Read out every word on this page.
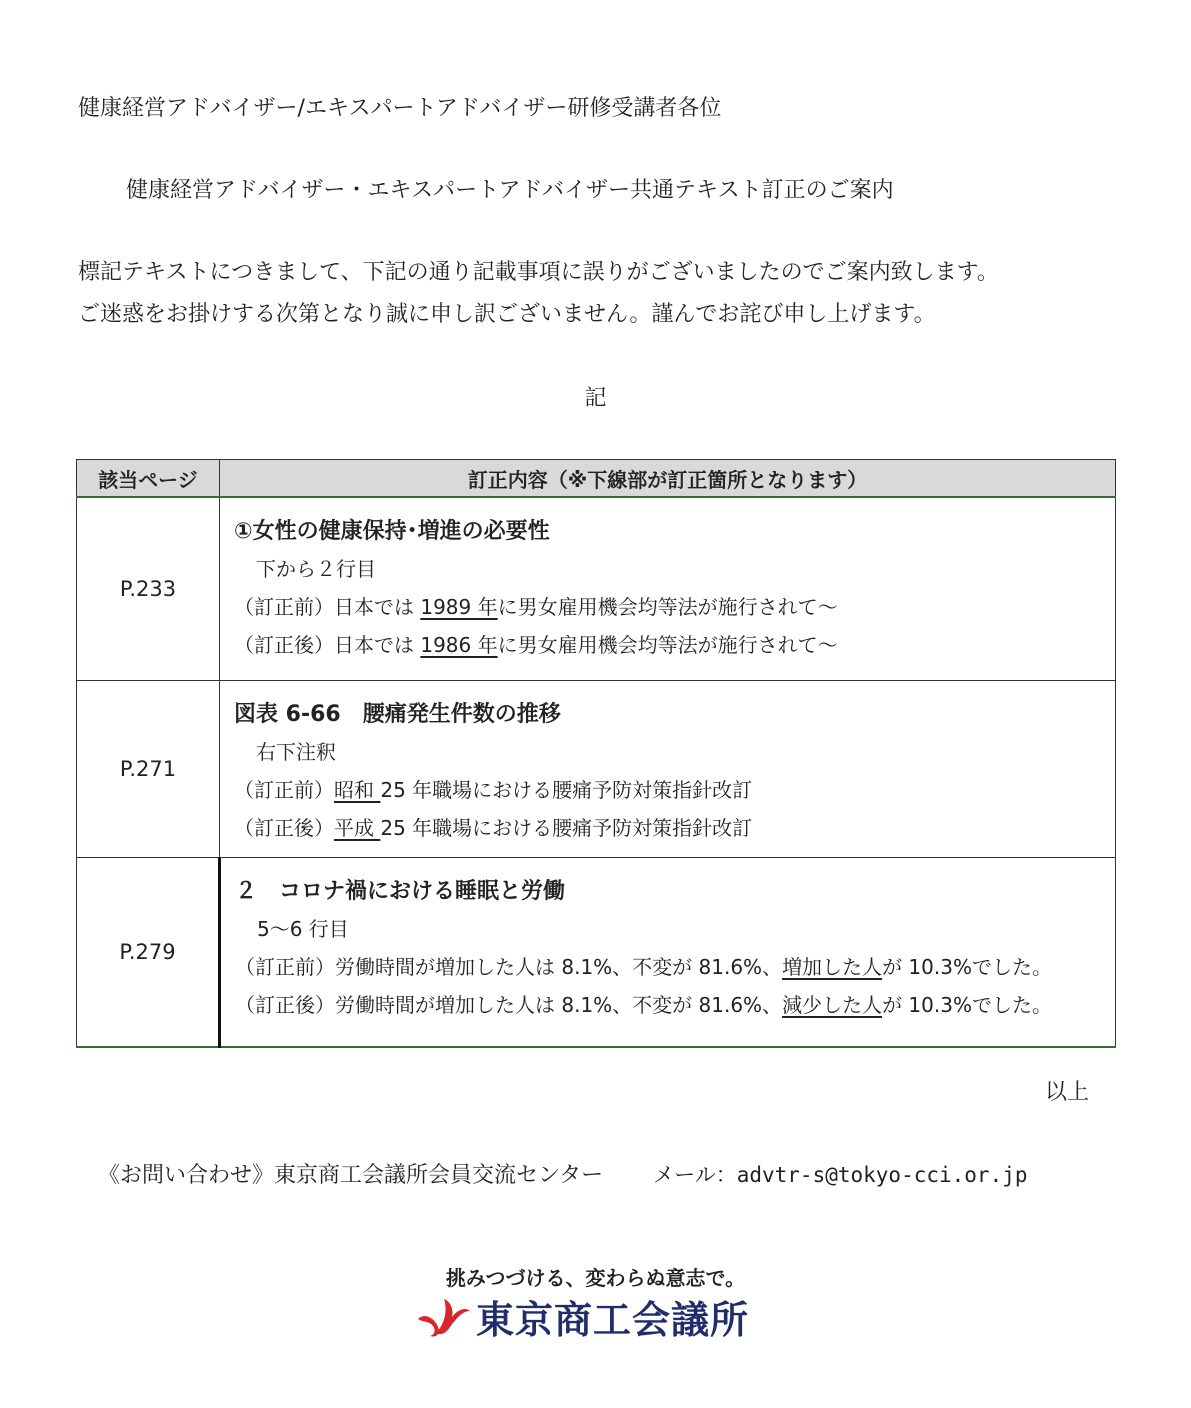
健康経営アドバイザー/エキスパートアドバイザー研修受講者各位
健康経営アドバイザー・エキスパートアドバイザー共通テキスト訂正のご案内
標記テキストにつきまして、下記の通り記載事項に誤りがございましたのでご案内致します。
ご迷惑をお掛けする次第となり誠に申し訳ございません。謹んでお詫び申し上げます。
記
該当ページ	訂正内容（※下線部が訂正箇所となります）
P.233	①女性の健康保持･増進の必要性
下から２行目
（訂正前）日本では 1989 年に男女雇用機会均等法が施行されて～
（訂正後）日本では 1986 年に男女雇用機会均等法が施行されて～

P.271	図表 6-66　腰痛発生件数の推移
右下注釈
（訂正前）昭和 25 年職場における腰痛予防対策指針改訂
（訂正後）平成 25 年職場における腰痛予防対策指針改訂

P.279	２　コロナ禍における睡眠と労働
5～6 行目
（訂正前）労働時間が増加した人は 8.1%、不変が 81.6%、増加した人が 10.3%でした。
（訂正後）労働時間が増加した人は 8.1%、不変が 81.6%、減少した人が 10.3%でした。
以上
《お問い合わせ》東京商工会議所会員交流センター メール：advtr-s@tokyo-cci.or.jp
挑みつづける、変わらぬ意志で。
東京商工会議所
